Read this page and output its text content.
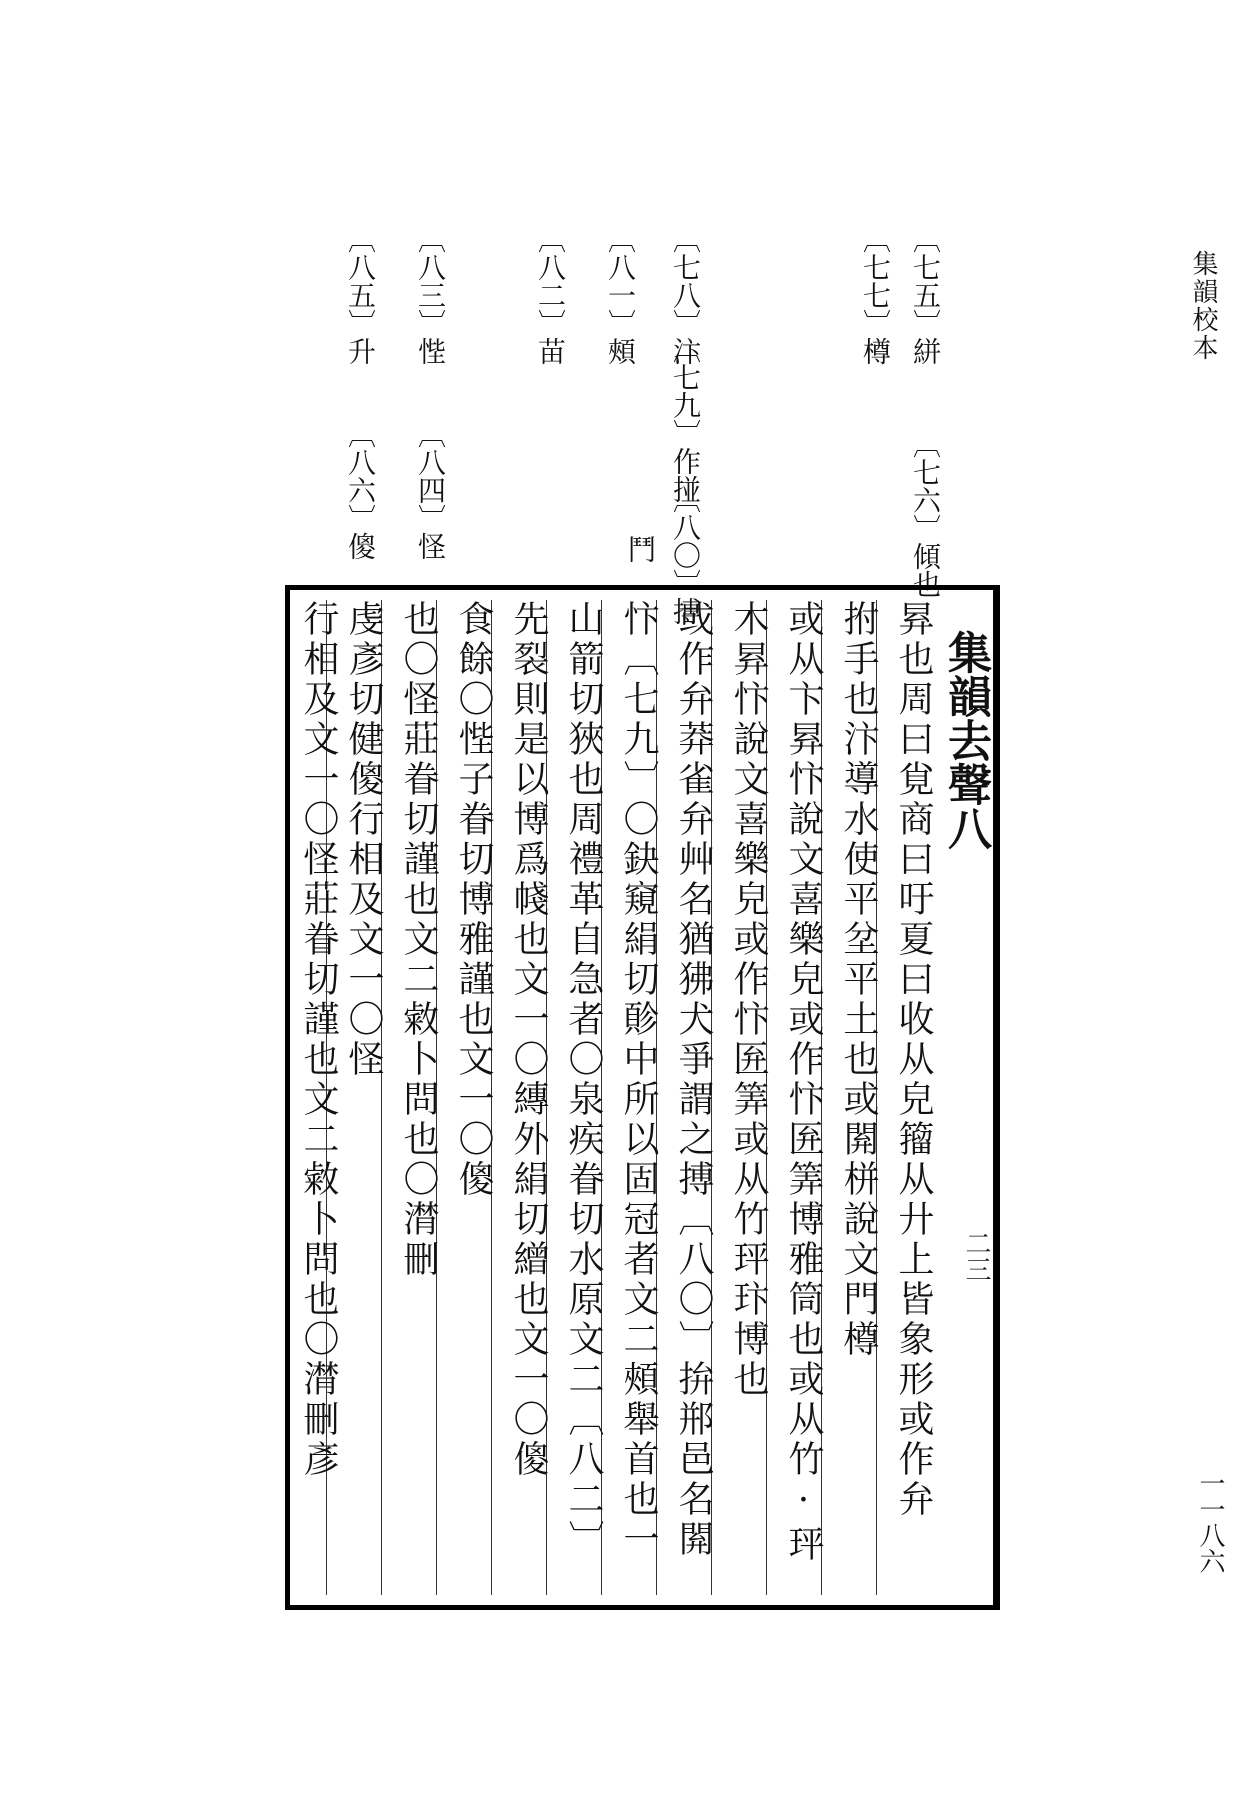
集韻校本
一一八六
〔七五〕絣
〔七六〕傾也
〔七七〕樽
〔七八〕汴
〔七九〕作掽
〔八〇〕搏
鬥
〔八一〕頰
〔八二〕苗
〔八三〕悂
〔八四〕怪
〔八五〕升
〔八六〕傻
集韻去聲八
二三
昪也周曰覍商曰吁夏曰收从皃籀从廾上皆象形或作弁
拊手也汴導水使平坌平土也或閞栟說文門樽
或从卞昪忭說文喜樂皃或作忭匥筭博雅筒也或从竹·玶
木昪忭說文喜樂皃或作忭匥筭或从竹玶玣博也
或作弁莽雀弁艸名猶狒犬爭謂之搏〔八〇〕拚郱邑名閞
忭〔七九〕〇鈌窺絹切䪾中所以固冠者文二頰舉首也一
山箭切狹也周禮革自急者〇泉疾眷切水原文二〔八二〕
先裂則是以博爲帴也文一〇縳外絹切繒也文一〇傻
食餘〇悂子眷切博雅謹也文一〇傻
也〇怪莊眷切謹也文二敹卜問也〇潸刪
虔彥切健傻行相及文一〇怪
行相及文一〇怪莊眷切謹也文二敹卜問也〇潸刪彥
